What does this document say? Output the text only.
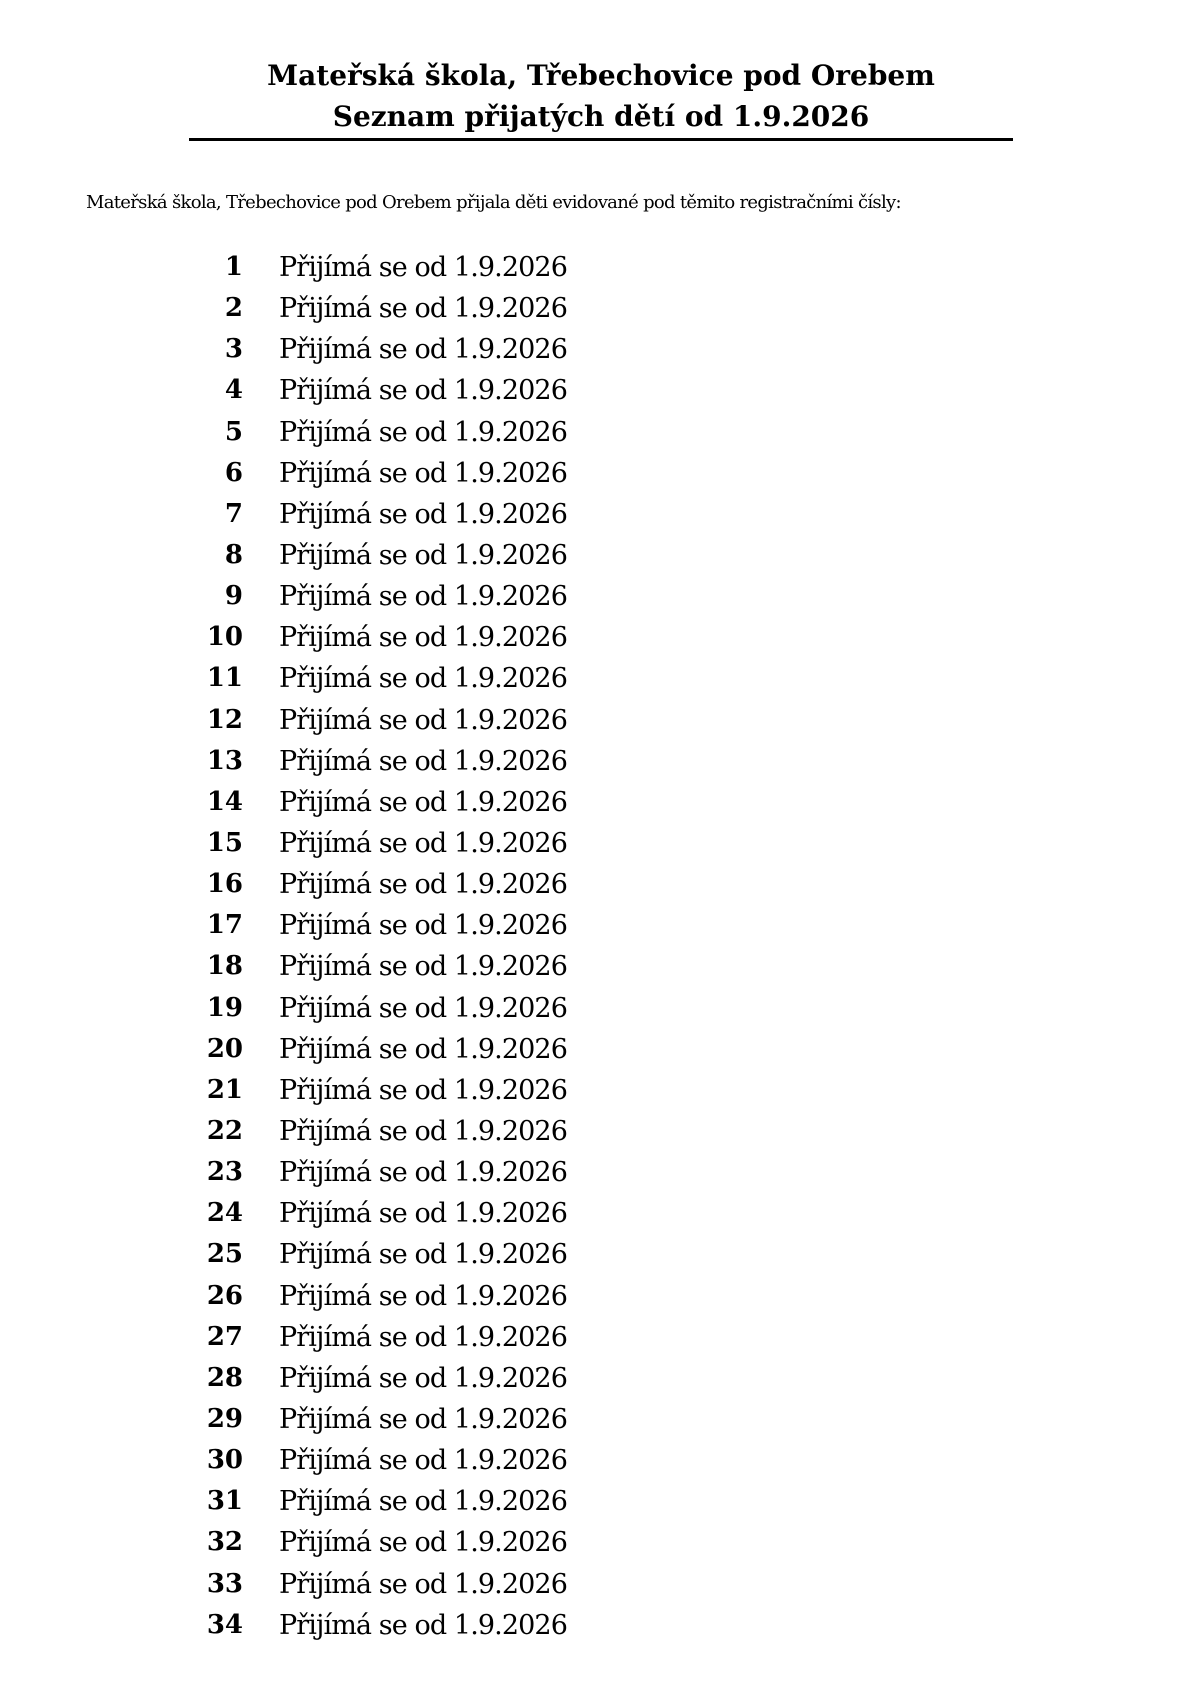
Mateřská škola, Třebechovice pod Orebem
Seznam přijatých dětí od 1.9.2026
Mateřská škola, Třebechovice pod Orebem přijala děti evidované pod těmito registračními čísly:
1 Přijímá se od 1.9.2026
2 Přijímá se od 1.9.2026
3 Přijímá se od 1.9.2026
4 Přijímá se od 1.9.2026
5 Přijímá se od 1.9.2026
6 Přijímá se od 1.9.2026
7 Přijímá se od 1.9.2026
8 Přijímá se od 1.9.2026
9 Přijímá se od 1.9.2026
10 Přijímá se od 1.9.2026
11 Přijímá se od 1.9.2026
12 Přijímá se od 1.9.2026
13 Přijímá se od 1.9.2026
14 Přijímá se od 1.9.2026
15 Přijímá se od 1.9.2026
16 Přijímá se od 1.9.2026
17 Přijímá se od 1.9.2026
18 Přijímá se od 1.9.2026
19 Přijímá se od 1.9.2026
20 Přijímá se od 1.9.2026
21 Přijímá se od 1.9.2026
22 Přijímá se od 1.9.2026
23 Přijímá se od 1.9.2026
24 Přijímá se od 1.9.2026
25 Přijímá se od 1.9.2026
26 Přijímá se od 1.9.2026
27 Přijímá se od 1.9.2026
28 Přijímá se od 1.9.2026
29 Přijímá se od 1.9.2026
30 Přijímá se od 1.9.2026
31 Přijímá se od 1.9.2026
32 Přijímá se od 1.9.2026
33 Přijímá se od 1.9.2026
34 Přijímá se od 1.9.2026
